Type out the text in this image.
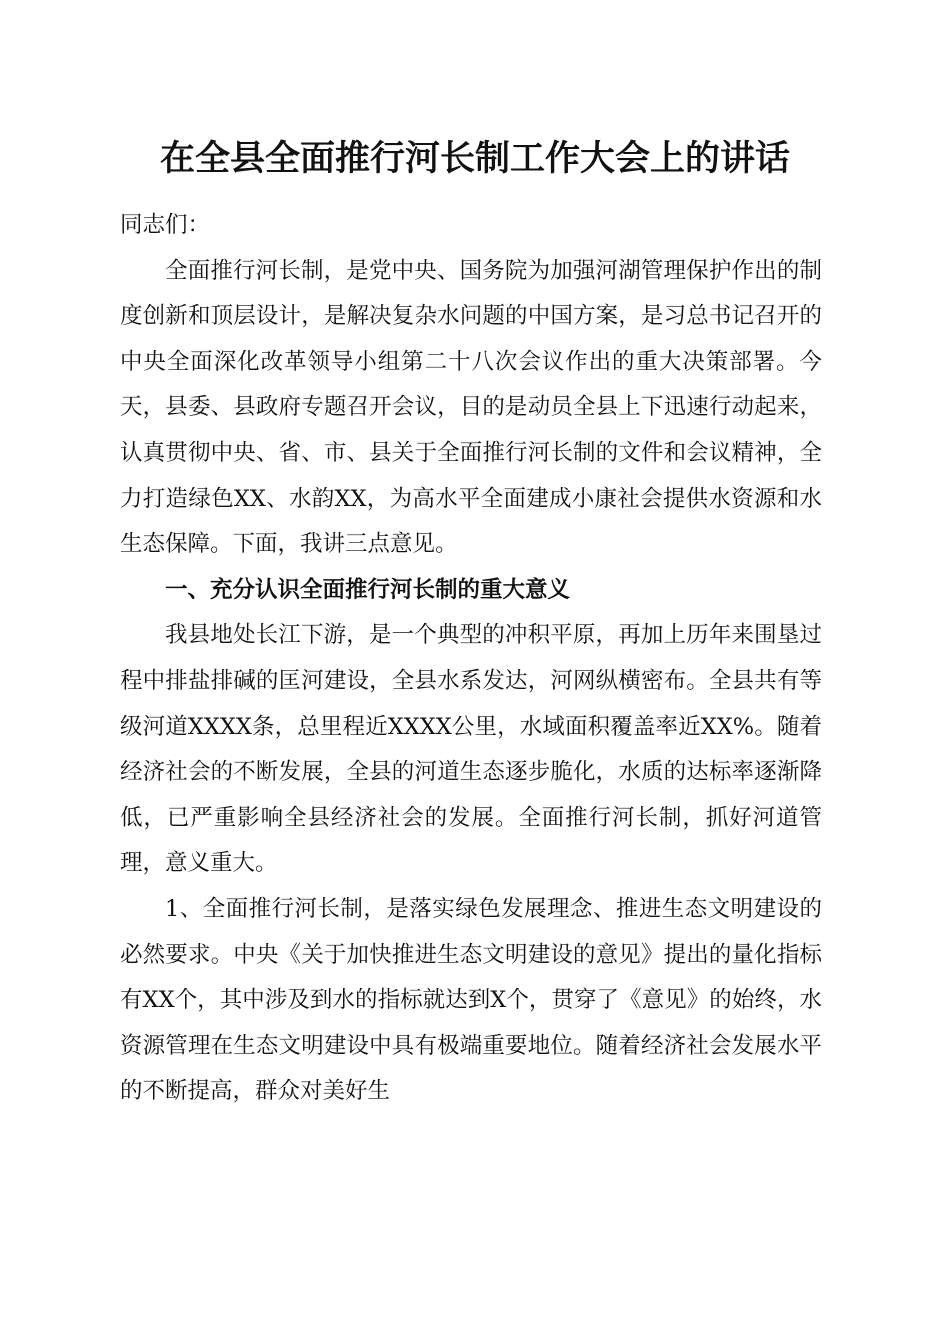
在全县全面推行河长制工作大会上的讲话

同志们：

全面推行河长制，是党中央、国务院为加强河湖管理保护作出的制度创新和顶层设计，是解决复杂水问题的中国方案，是习总书记召开的中央全面深化改革领导小组第二十八次会议作出的重大决策部署。今天，县委、县政府专题召开会议，目的是动员全县上下迅速行动起来，认真贯彻中央、省、市、县关于全面推行河长制的文件和会议精神，全力打造绿色XX、水韵XX，为高水平全面建成小康社会提供水资源和水生态保障。下面，我讲三点意见。

一、充分认识全面推行河长制的重大意义

我县地处长江下游，是一个典型的冲积平原，再加上历年来围垦过程中排盐排碱的匡河建设，全县水系发达，河网纵横密布。全县共有等级河道XXXX条，总里程近XXXX公里，水域面积覆盖率近XX%。随着经济社会的不断发展，全县的河道生态逐步脆化，水质的达标率逐渐降低，已严重影响全县经济社会的发展。全面推行河长制，抓好河道管理，意义重大。

1、全面推行河长制，是落实绿色发展理念、推进生态文明建设的必然要求。中央《关于加快推进生态文明建设的意见》提出的量化指标有XX个，其中涉及到水的指标就达到X个，贯穿了《意见》的始终，水资源管理在生态文明建设中具有极端重要地位。随着经济社会发展水平的不断提高，群众对美好生
